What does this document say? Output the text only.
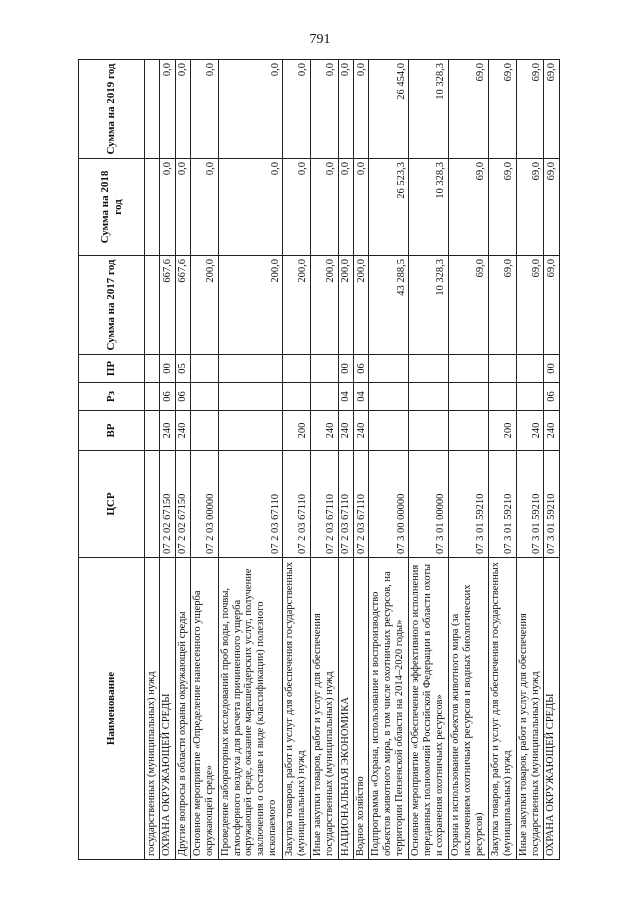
791
Наименование	ЦСР	ВР	Рз	ПР	Сумма на 2017 год	Сумма на 2018 год	Сумма на 2019 год
государственных (муниципальных) нужд							
ОХРАНА ОКРУЖАЮЩЕЙ СРЕДЫ	07 2 02 67150	240	06	00	667,6	0,0	0,0
Другие вопросы в области охраны окружающей среды	07 2 02 67150	240	06	05	667,6	0,0	0,0
Основное мероприятие «Определение нанесенного ущерба окружающей среде»	07 2 03 00000				200,0	0,0	0,0
Проведение лабораторных исследований проб воды, почвы, атмосферного воздуха для расчета причиненного ущерба окружающей среде, оказание маркшейдерских услуг, получение заключения о составе и виде (классификации) полезного ископаемого	07 2 03 67110				200,0	0,0	0,0
Закупка товаров, работ и услуг для обеспечения государственных (муниципальных) нужд	07 2 03 67110	200			200,0	0,0	0,0
Иные закупки товаров, работ и услуг для обеспечения государственных (муниципальных) нужд	07 2 03 67110	240			200,0	0,0	0,0
НАЦИОНАЛЬНАЯ ЭКОНОМИКА	07 2 03 67110	240	04	00	200,0	0,0	0,0
Водное хозяйство	07 2 03 67110	240	04	06	200,0	0,0	0,0
Подпрограмма «Охрана, использование и воспроизводство объектов животного мира, в том числе охотничьих ресурсов, на территории Пензенской области на 2014–2020 годы»	07 3 00 00000				43 288,5	26 523,3	26 454,0
Основное мероприятие «Обеспечение эффективного исполнения переданных полномочий Российской Федерации в области охоты и сохранения охотничьих ресурсов»	07 3 01 00000				10 328,3	10 328,3	10 328,3
Охрана и использование объектов животного мира (за исключением охотничьих ресурсов и водных биологических ресурсов)	07 3 01 59210				69,0	69,0	69,0
Закупка товаров, работ и услуг для обеспечения государственных (муниципальных) нужд	07 3 01 59210	200			69,0	69,0	69,0
Иные закупки товаров, работ и услуг для обеспечения государственных (муниципальных) нужд	07 3 01 59210	240			69,0	69,0	69,0
ОХРАНА ОКРУЖАЮЩЕЙ СРЕДЫ	07 3 01 59210	240	06	00	69,0	69,0	69,0
